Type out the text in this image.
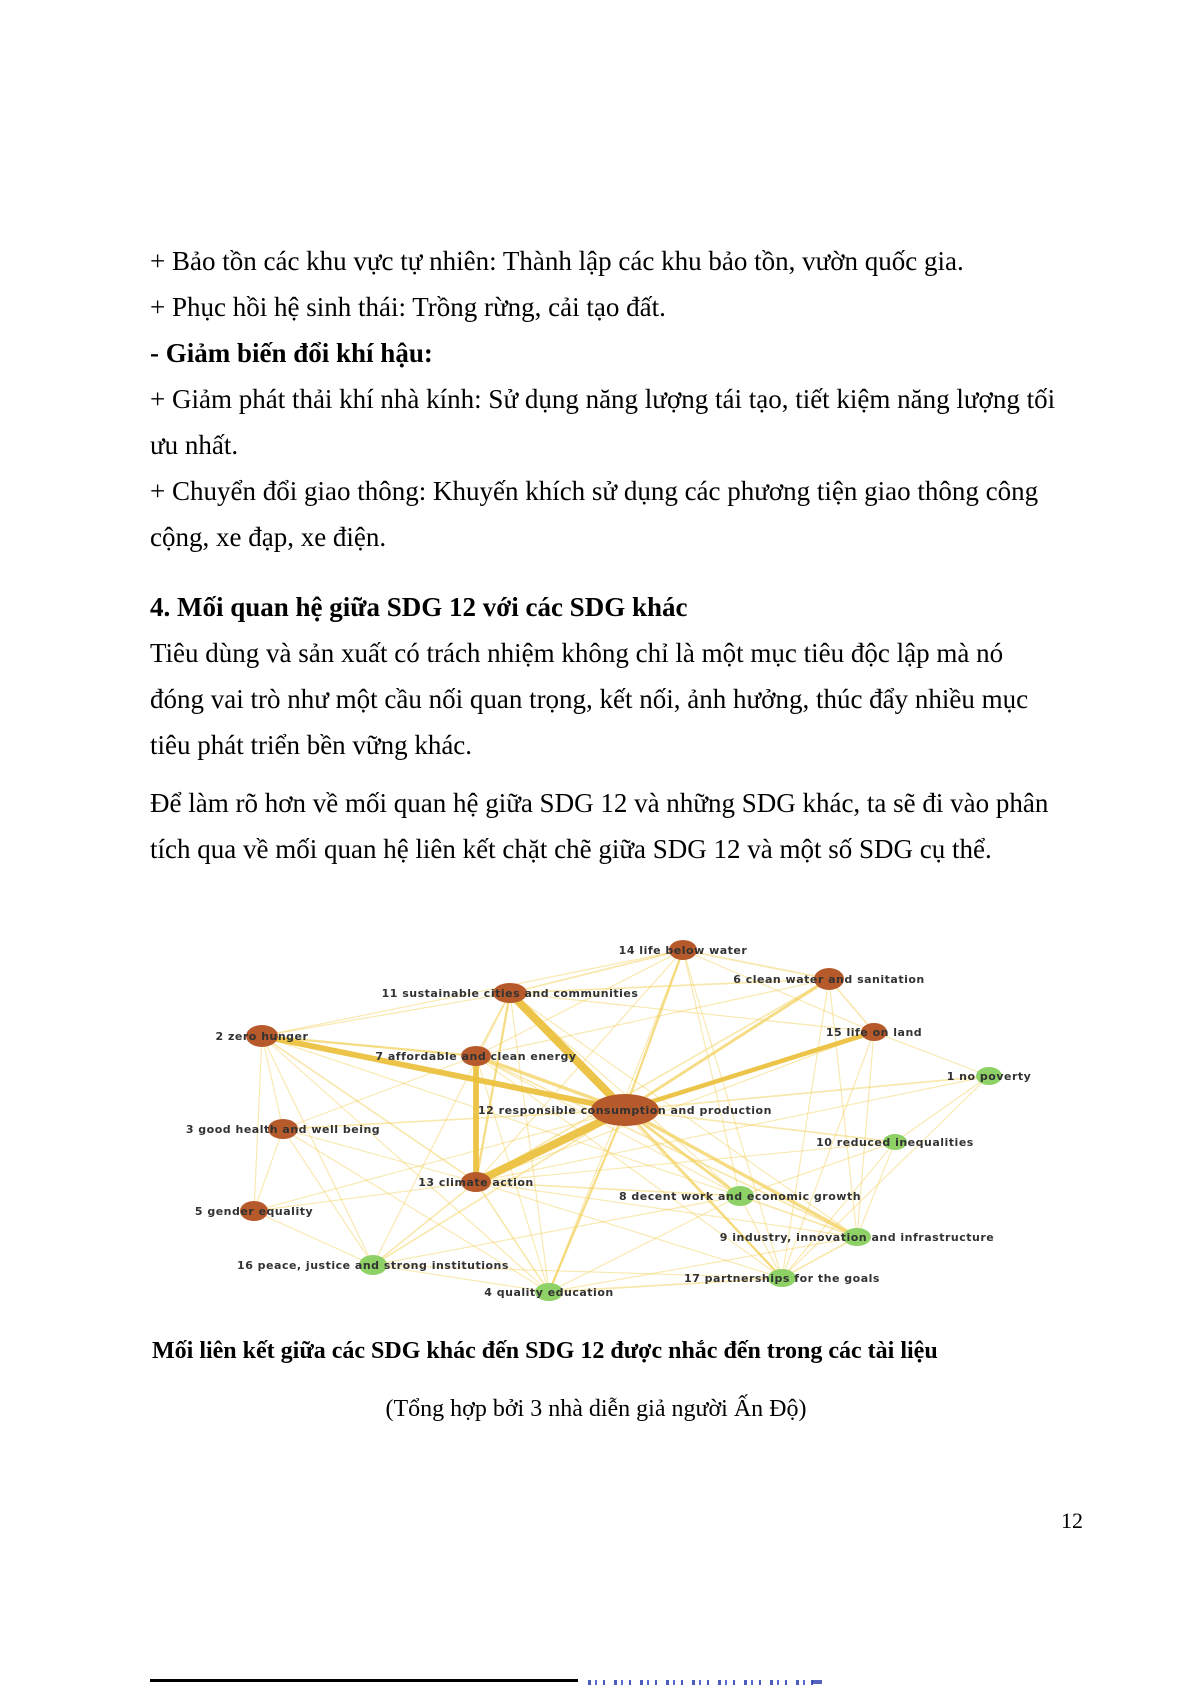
+ Bảo tồn các khu vực tự nhiên: Thành lập các khu bảo tồn, vườn quốc gia.
+ Phục hồi hệ sinh thái: Trồng rừng, cải tạo đất.
- Giảm biến đổi khí hậu:
+ Giảm phát thải khí nhà kính: Sử dụng năng lượng tái tạo, tiết kiệm năng lượng tối
ưu nhất.
+ Chuyển đổi giao thông: Khuyến khích sử dụng các phương tiện giao thông công
cộng, xe đạp, xe điện.
4. Mối quan hệ giữa SDG 12 với các SDG khác
Tiêu dùng và sản xuất có trách nhiệm không chỉ là một mục tiêu độc lập mà nó
đóng vai trò như một cầu nối quan trọng, kết nối, ảnh hưởng, thúc đẩy nhiều mục
tiêu phát triển bền vững khác.
Để làm rõ hơn về mối quan hệ giữa SDG 12 và những SDG khác, ta sẽ đi vào phân
tích qua về mối quan hệ liên kết chặt chẽ giữa SDG 12 và một số SDG cụ thể.
14 life below water
6 clean water and sanitation
11 sustainable cities and communities
2 zero hunger	15 life on land
7 affordable and clean energy
1 no poverty
12 responsible consumption and production
3 good health and well being
10 reduced inequalities
13 climate action
8 decent work and economic growth
5 gender equality
9 industry, innovation and infrastructure
16 peace, justice and strong institutions
17 partnerships for the goals
4 quality education
Mối liên kết giữa các SDG khác đến SDG 12 được nhắc đến trong các tài liệu
(Tổng hợp bởi 3 nhà diễn giả người Ấn Độ)
12
